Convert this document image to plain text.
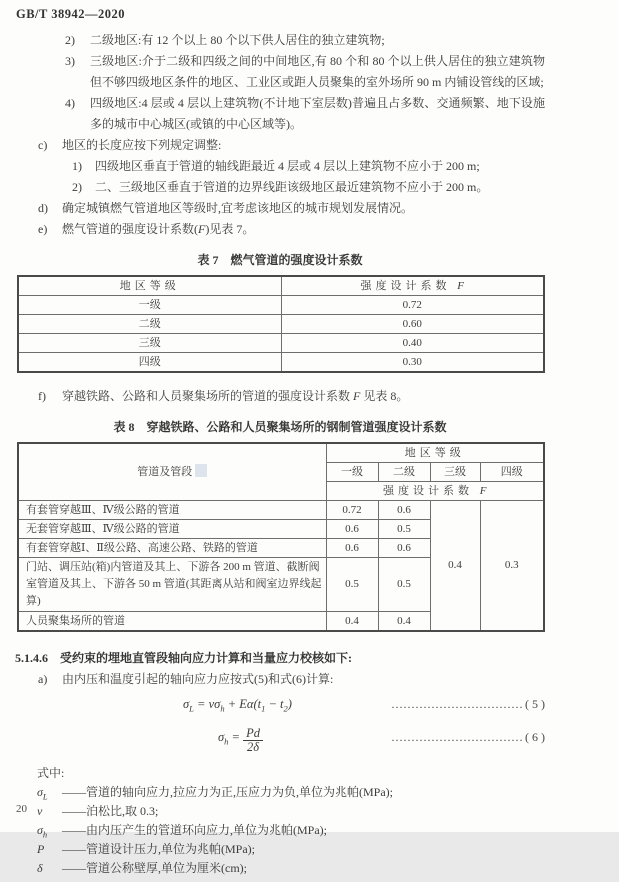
GB/T 38942—2020
2) 二级地区:有 12 个以上 80 个以下供人居住的独立建筑物;
3) 三级地区:介于二级和四级之间的中间地区,有 80 个和 80 个以上供人居住的独立建筑物但不够四级地区条件的地区、工业区或距人员聚集的室外场所 90 m 内铺设管线的区域;
4) 四级地区:4 层或 4 层以上建筑物(不计地下室层数)普遍且占多数、交通频繁、地下设施多的城市中心城区(或镇的中心区域等)。
c) 地区的长度应按下列规定调整:
1) 四级地区垂直于管道的轴线距最近 4 层或 4 层以上建筑物不应小于 200 m;
2) 二、三级地区垂直于管道的边界线距该级地区最近建筑物不应小于 200 m。
d) 确定城镇燃气管道地区等级时,宜考虑该地区的城市规划发展情况。
e) 燃气管道的强度设计系数(F)见表 7。
表 7 燃气管道的强度设计系数
地区等级	强度设计系数 F
一级	0.72
二级	0.60
三级	0.40
四级	0.30
f) 穿越铁路、公路和人员聚集场所的管道的强度设计系数 F 见表 8。
表 8 穿越铁路、公路和人员聚集场所的钢制管道强度设计系数
管道及管段	地区等级			
	一级	二级	三级	四级
	强度设计系数 F			
有套管穿越Ⅲ、Ⅳ级公路的管道	0.72	0.6	0.4	0.3
无套管穿越Ⅲ、Ⅳ级公路的管道	0.6	0.5		
有套管穿越Ⅰ、Ⅱ级公路、高速公路、铁路的管道	0.6	0.6		
门站、调压站(箱)内管道及其上、下游各 200 m 管道、截断阀室管道及其上、下游各 50 m 管道(其距离从站和阀室边界线起算)	0.5	0.5		
人员聚集场所的管道	0.4	0.4		
5.1.4.6 受约束的埋地直管段轴向应力计算和当量应力校核如下:
a) 由内压和温度引起的轴向应力应按式(5)和式(6)计算:
$\sigma_L = \nu\sigma_h + E\alpha(t_1 - t_2)$	…………………………… ( 5 )
$\sigma_h = \frac{Pd}{2\delta}$	…………………………… ( 6 )
式中:
$\sigma_L$ ——管道的轴向应力,拉应力为正,压应力为负,单位为兆帕(MPa);
ν ——泊松比,取 0.3;
$\sigma_h$ ——由内压产生的管道环向应力,单位为兆帕(MPa);
P ——管道设计压力,单位为兆帕(MPa);
δ ——管道公称壁厚,单位为厘米(cm);
20
